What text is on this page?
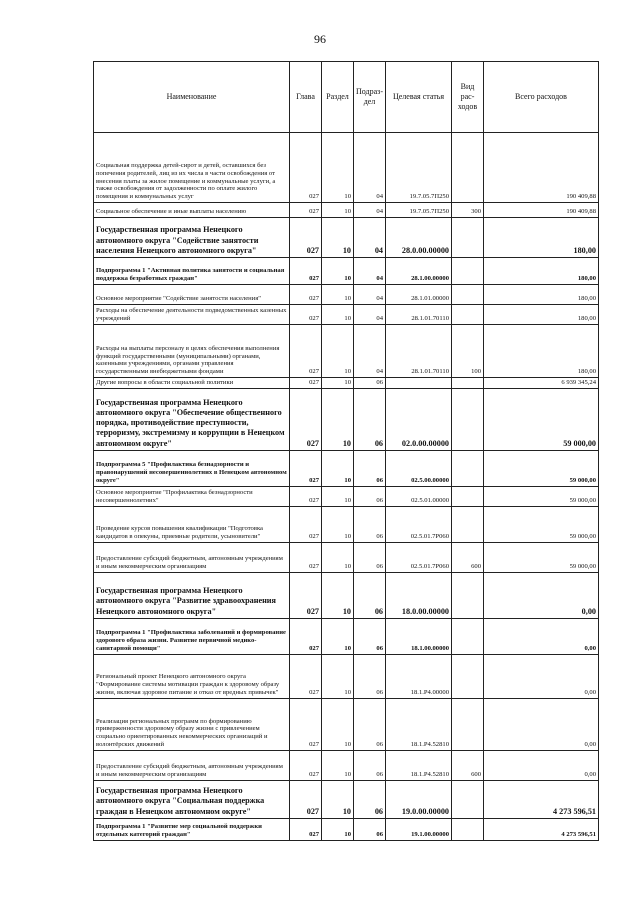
96
Наименование	Глава	Раздел	Подраз-дел	Целевая статья	Вид рас-ходов	Всего расходов
Социальная поддержка детей-сирот и детей, оставшихся без попечения родителей, лиц из их числа в части освобождения от внесения платы за жилое помещение и коммунальные услуги, а также освобождения от задолженности по оплате жилого помещения и коммунальных услуг	027	10	04	19.7.05.7П250		190 409,88
Социальное обеспечение и иные выплаты населению	027	10	04	19.7.05.7П250	300	190 409,88
Государственная программа Ненецкого автономного округа "Содействие занятости населения Ненецкого автономного округа"	027	10	04	28.0.00.00000		180,00
Подпрограмма 1 "Активная политика занятости и социальная поддержка безработных граждан"	027	10	04	28.1.00.00000		180,00
Основное мероприятие "Содействие занятости населения"	027	10	04	28.1.01.00000		180,00
Расходы на обеспечение деятельности подведомственных казенных учреждений	027	10	04	28.1.01.70110		180,00
Расходы на выплаты персоналу в целях обеспечения выполнения функций государственными (муниципальными) органами, казенными учреждениями, органами управления государственными внебюджетными фондами	027	10	04	28.1.01.70110	100	180,00
Другие вопросы в области социальной политики	027	10	06			6 939 345,24
Государственная программа Ненецкого автономного округа "Обеспечение общественного порядка, противодействие преступности, терроризму, экстремизму и коррупции в Ненецком автономном округе"	027	10	06	02.0.00.00000		59 000,00
Подпрограмма 5 "Профилактика безнадзорности и правонарушений несовершеннолетних в Ненецком автономном округе"	027	10	06	02.5.00.00000		59 000,00
Основное мероприятие "Профилактика безнадзорности несовершеннолетних"	027	10	06	02.5.01.00000		59 000,00
Проведение курсов повышения квалификации "Подготовка кандидатов в опекуны, приемные родители, усыновители"	027	10	06	02.5.01.7Р060		59 000,00
Предоставление субсидий бюджетным, автономным учреждениям и иным некоммерческим организациям	027	10	06	02.5.01.7Р060	600	59 000,00
Государственная программа Ненецкого автономного округа "Развитие здравоохранения Ненецкого автономного округа"	027	10	06	18.0.00.00000		0,00
Подпрограмма 1 "Профилактика заболеваний и формирование здорового образа жизни. Развитие первичной медико-санитарной помощи"	027	10	06	18.1.00.00000		0,00
Региональный проект Ненецкого автономного округа "Формирование системы мотивации граждан к здоровому образу жизни, включая здоровое питание и отказ от вредных привычек"	027	10	06	18.1.Р4.00000		0,00
Реализация региональных программ по формированию приверженности здоровому образу жизни с привлечением социально ориентированных некоммерческих организаций и волонтёрских движений	027	10	06	18.1.Р4.52810		0,00
Предоставление субсидий бюджетным, автономным учреждениям и иным некоммерческим организациям	027	10	06	18.1.Р4.52810	600	0,00
Государственная программа Ненецкого автономного округа "Социальная поддержка граждан в Ненецком автономном округе"	027	10	06	19.0.00.00000		4 273 596,51
Подпрограмма 1 "Развитие мер социальной поддержки отдельных категорий граждан"	027	10	06	19.1.00.00000		4 273 596,51
